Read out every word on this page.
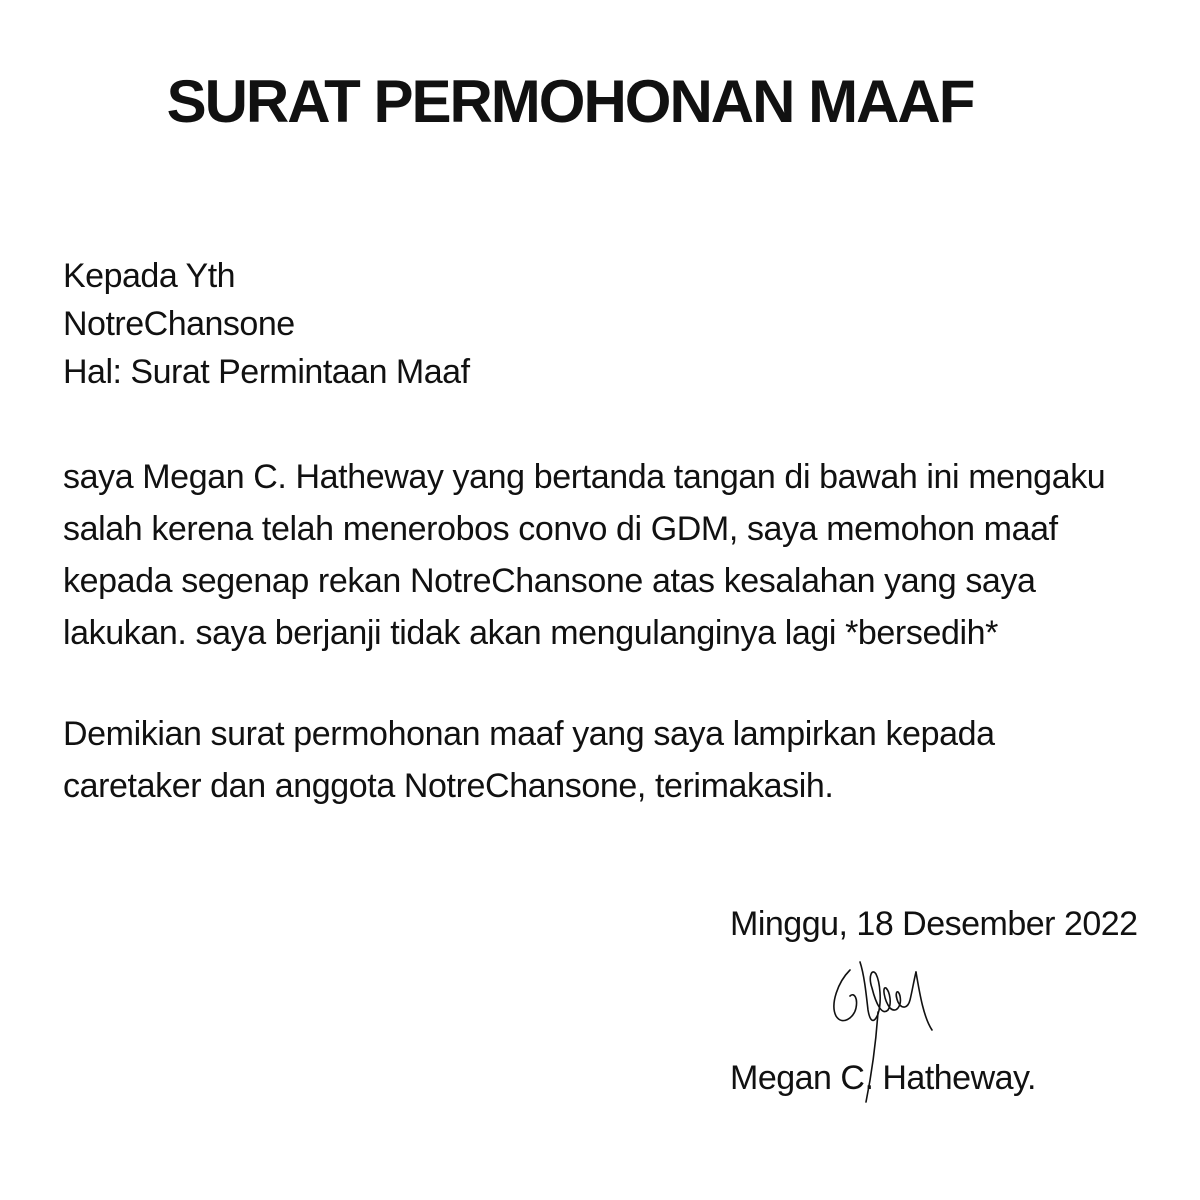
SURAT PERMOHONAN MAAF
Kepada Yth
NotreChansone
Hal: Surat Permintaan Maaf
saya Megan C. Hatheway yang bertanda tangan di bawah ini mengaku
salah kerena telah menerobos convo di GDM, saya memohon maaf
kepada segenap rekan NotreChansone atas kesalahan yang saya
lakukan. saya berjanji tidak akan mengulanginya lagi *bersedih*
Demikian surat permohonan maaf yang saya lampirkan kepada
caretaker dan anggota NotreChansone, terimakasih.
Minggu, 18 Desember 2022
Megan C. Hatheway.
